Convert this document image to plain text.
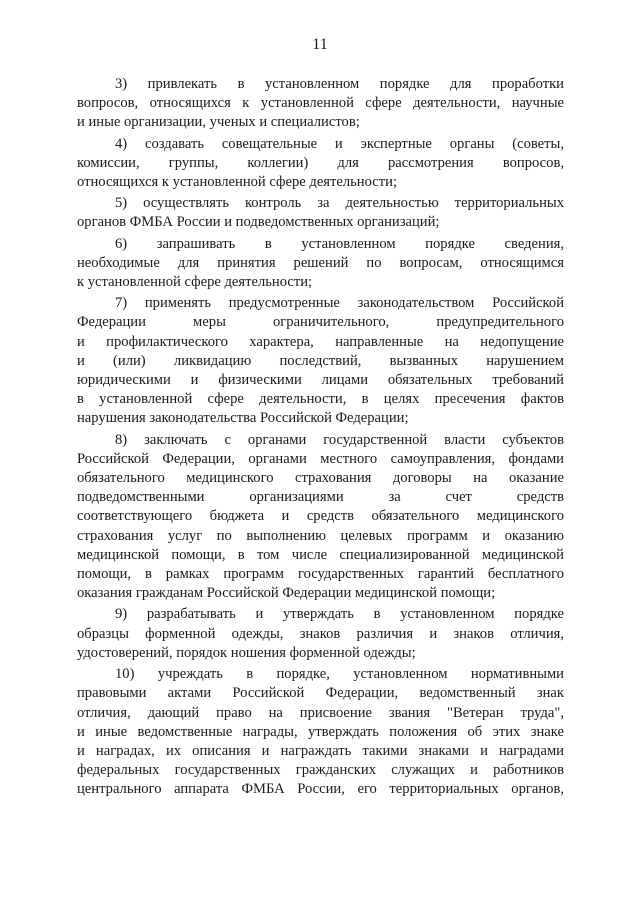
11

3) привлекать в установленном порядке для проработки
вопросов, относящихся к установленной сфере деятельности, научные
и иные организации, ученых и специалистов;

4) создавать совещательные и экспертные органы (советы,
комиссии, группы, коллегии) для рассмотрения вопросов,
относящихся к установленной сфере деятельности;

5) осуществлять контроль за деятельностью территориальных
органов ФМБА России и подведомственных организаций;

6) запрашивать в установленном порядке сведения,
необходимые для принятия решений по вопросам, относящимся
к установленной сфере деятельности;

7) применять предусмотренные законодательством Российской
Федерации меры ограничительного, предупредительного
и профилактического характера, направленные на недопущение
и (или) ликвидацию последствий, вызванных нарушением
юридическими и физическими лицами обязательных требований
в установленной сфере деятельности, в целях пресечения фактов
нарушения законодательства Российской Федерации;

8) заключать с органами государственной власти субъектов
Российской Федерации, органами местного самоуправления, фондами
обязательного медицинского страхования договоры на оказание
подведомственными организациями за счет средств
соответствующего бюджета и средств обязательного медицинского
страхования услуг по выполнению целевых программ и оказанию
медицинской помощи, в том числе специализированной медицинской
помощи, в рамках программ государственных гарантий бесплатного
оказания гражданам Российской Федерации медицинской помощи;

9) разрабатывать и утверждать в установленном порядке
образцы форменной одежды, знаков различия и знаков отличия,
удостоверений, порядок ношения форменной одежды;

10) учреждать в порядке, установленном нормативными
правовыми актами Российской Федерации, ведомственный знак
отличия, дающий право на присвоение звания "Ветеран труда",
и иные ведомственные награды, утверждать положения об этих знаке
и наградах, их описания и награждать такими знаками и наградами
федеральных государственных гражданских служащих и работников
центрального аппарата ФМБА России, его территориальных органов,
